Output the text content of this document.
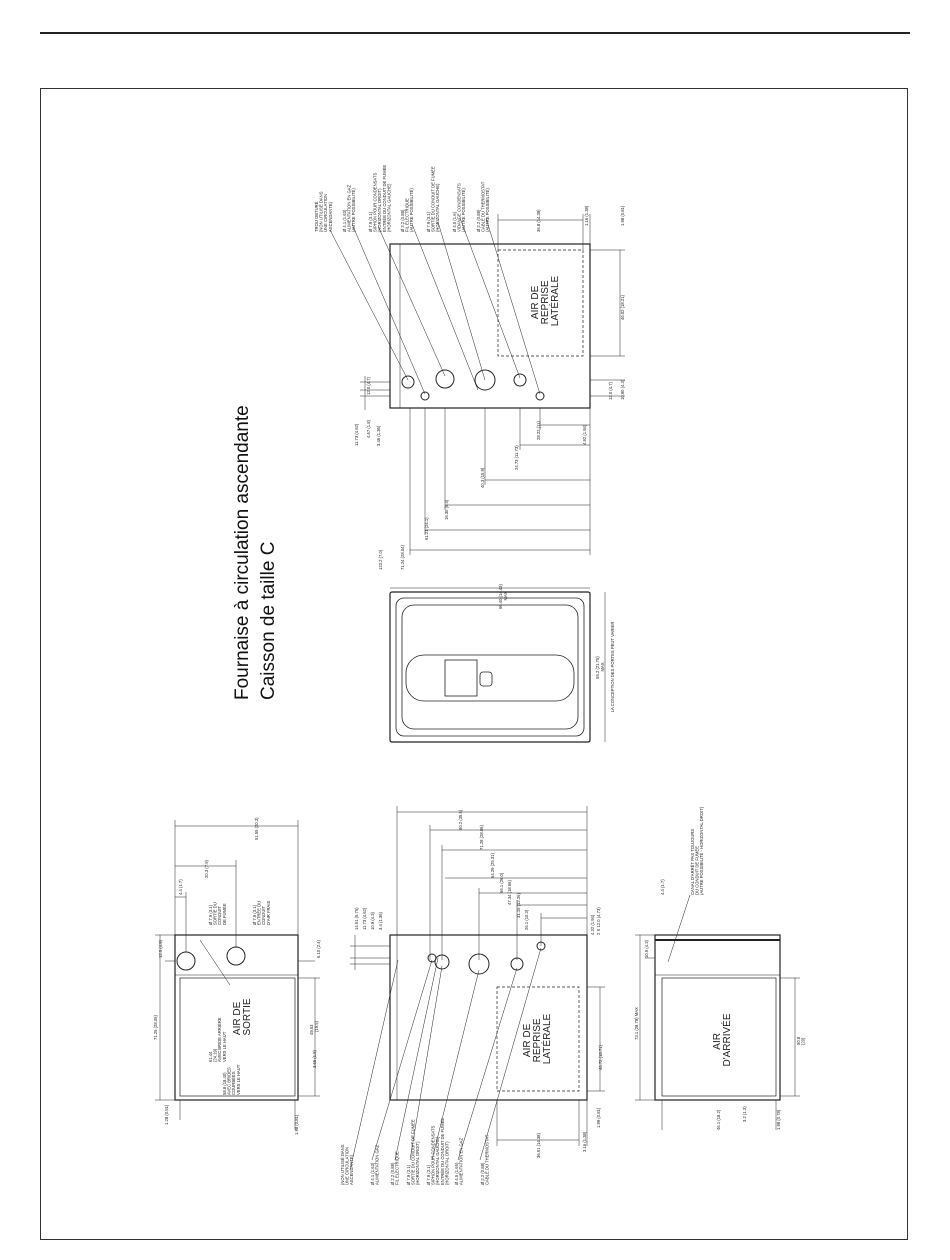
Fournaise à circulation ascendante Caisson de taille C
AIR DE REPRISE LATÉRALE
TROU OBTURÉ(NON UTILISÉ DANSUNE CIRCULATIONASCENDANTE) Ø 4.1 (1.63)ALIMENTATION EN GAZ(AUTRE POSSIBILITÉ)	Ø 7.9 (3.1)SIPHON POUR CONDENSATS(HORIZONTAL DROIT)ENTRÉE DU CONDUIT DE FUMÉE(HORIZONTAL GAUCHE) Ø 2.2 (0.88)FIL ÉLECTRIQUE(AUTRE POSSIBILITÉ)	Ø 7.9 (3.1)SORTIE DU CONDUIT DE FUMÉE(HORIZONTAL GAUCHE)	Ø 4.5 (1.6)VIDANGE CONDENSATS(AUTRE POSSIBILITÉ) Ø 2.2 (0.88)CÂBLE DU THERMOSTAT(AUTRE POSSIBILITÉ)	36.8 (14.38)	1.16 (1.38)	1.98 (0.81)
46.02 (18.21)
10.90 (4.3)
12.0 (4.7)
12.0 (4.7)
11.73 (4.62) 4.67 (1.8) 3.46 (1.36)	4.92 (1.94)
28.22 (11)
24.73 (11.73)
40.3 (15.9)
16.30 (6.4)
61.21 (24.1)
71.24 (28.04)
123.2 (7.0)
66.40 (14.43) MAX
55.2 (21.75) MAX LA CONCEPTION DES PORTES PEUT VARIER
AIR DE SORTIE
Ø 7.9 (3.1)SORTIE DUCONDUITDE FUMÉE	Ø 7.9 (3.1)ENTRÉE DUCONDUITD'AIR FRAIS
4.4 (1.7)
20.3 (7.9)
51.55 (20.3)
12.5 (4.9)	6.10 (2.4)
71.25 (28.05)
1.28 (0.51)
61.44(24.19)AVEC BRIDE ARRIÈREVERS LE HAUT
58.8 (18.40)AVEC BRIDESCOURBÉESVERS LE HAUT
1.98 (0.81)
3.65 (1.5)
49.53 (19.5)	AIR DE REPRISE LATÉRALE
(NON UTILISÉ DANSUNE CIRCULATIONASCENDANTE)	Ø 4.1 (1.63)ALIMENTATION GAZ Ø 2.2 (0.88)FIL ÉLECTRIQUE Ø 7.9 (3.1)SORTIE DU CONDUIT DE FUMÉE(HORIZONTAL DROIT) Ø 7.9 (3.1)SIPHON POUR CONDENSATS(HORIZONTAL GAUCHE)ENTRÉE DU CONDUIT DE FUMÉE(HORIZONTAL DROIT) Ø 4.5 (1.65)ALIMENTATION EN GAZ	Ø 2.2 (0.88)CÂBLE DU THERMOSTAT
90.2 (35.5)
71.28 (28.06)
64.29 (25.31)
66.1 (26.0) 47.34 (18.66)
31.15 (12.26)
26.1 (10.3)	4.32 (1.94) 2 X 12.0 (4.73)
14.61 (5.75) 11.73 (4.62) 10.9 (4.3) 3.4 (1.36)
36.51 (14.38)	3.16 (1.38)
46.72 (18.71)
1.99 (0.81)
AIR D'ARRIVÉE
CANAL D'ARRÊT PAS TOUJOURSDU CONDUIT DE FUMÉE(AUTRE POSSIBILITÉ - HORIZONTAL DROIT)
4.4 (1.7)
10.9 (4.3)
73.1 (28.78) MAX
50.8(20)
46.1 (18.2)	3.2 (1.3)	1.98 (0.78)
